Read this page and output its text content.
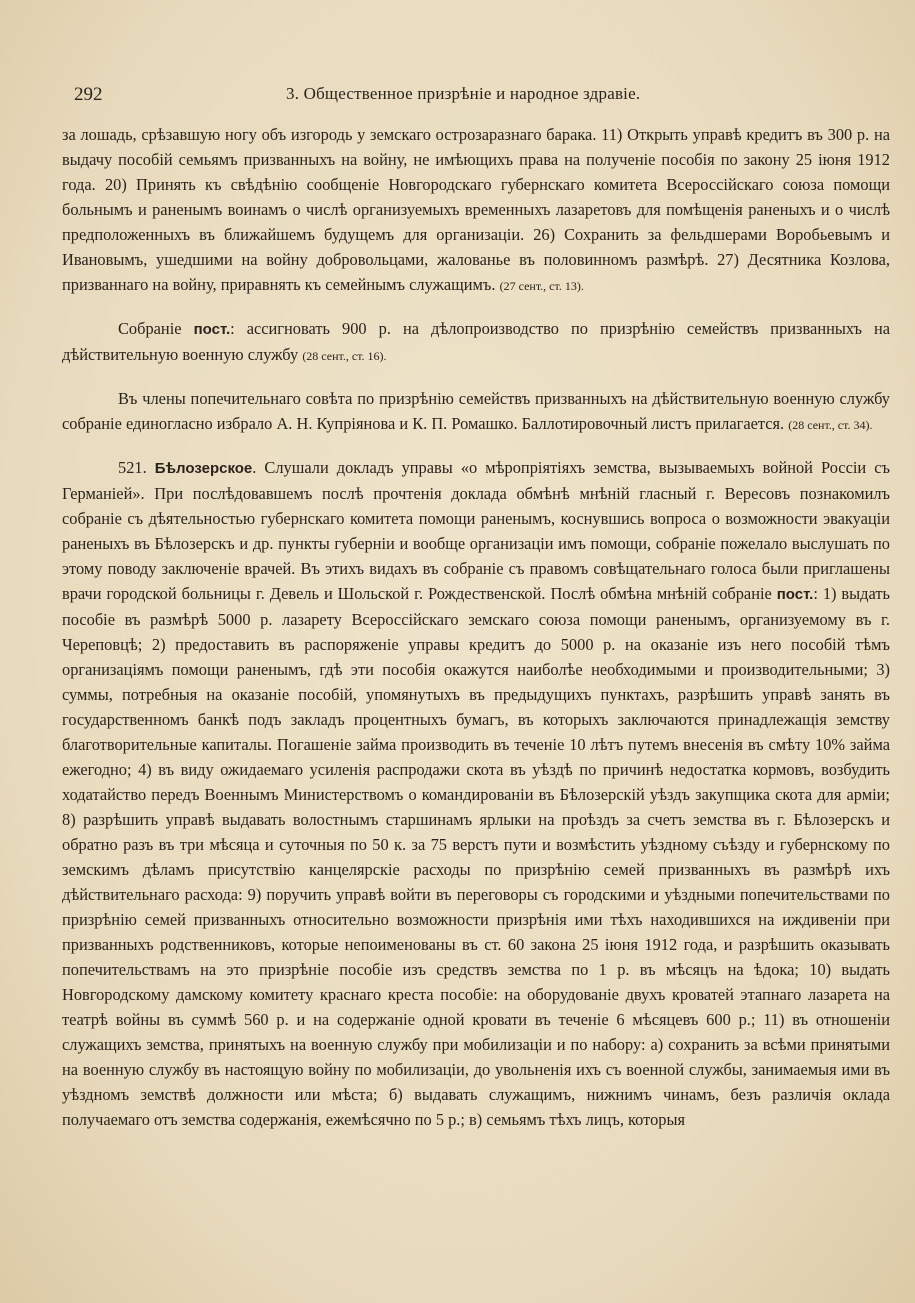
292	3. Общественное призрѣніе и народное здравіе.

за лошадь, срѣзавшую ногу объ изгородь у земскаго острозаразнаго барака. 11) Открыть управѣ кредитъ въ 300 р. на выдачу пособій семьямъ призванныхъ на войну, не имѣющихъ права на полученіе пособія по закону 25 іюня 1912 года. 20) Принять къ свѣдѣнію сообщеніе Новгородскаго губернскаго комитета Всероссійскаго союза помощи больнымъ и раненымъ воинамъ о числѣ организуемыхъ временныхъ лазаретовъ для помѣщенія раненыхъ и о числѣ предположенныхъ въ ближайшемъ будущемъ для организаціи. 26) Сохранить за фельдшерами Воробьевымъ и Ивановымъ, ушедшими на войну добровольцами, жалованье въ половинномъ размѣрѣ. 27) Десятника Козлова, призваннаго на войну, приравнять къ семейнымъ служащимъ. (27 сент., ст. 13).

Собраніе пост.: ассигновать 900 р. на дѣлопроизводство по призрѣнію семействъ призванныхъ на дѣйствительную военную службу (28 сент., ст. 16).

Въ члены попечительнаго совѣта по призрѣнію семействъ призванныхъ на дѣйствительную военную службу собраніе единогласно избрало А. Н. Купріянова и К. П. Ромашко. Баллотировочный листъ прилагается. (28 сент., ст. 34).

521. Бѣлозерское. Слушали докладъ управы «о мѣропріятіяхъ земства, вызываемыхъ войной Россіи съ Германіей». При послѣдовавшемъ послѣ прочтенія доклада обмѣнѣ мнѣній гласный г. Вересовъ познакомилъ собраніе съ дѣятельностью губернскаго комитета помощи раненымъ, коснувшись вопроса о возможности эвакуаціи раненыхъ въ Бѣлозерскъ и др. пункты губерніи и вообще организаціи имъ помощи, собраніе пожелало выслушать по этому поводу заключеніе врачей. Въ этихъ видахъ въ собраніе съ правомъ совѣщательнаго голоса были приглашены врачи городской больницы г. Девель и Шольской г. Рождественской. Послѣ обмѣна мнѣній собраніе пост.: 1) выдать пособіе въ размѣрѣ 5000 р. лазарету Всероссійскаго земскаго союза помощи раненымъ, организуемому въ г. Череповцѣ; 2) предоставить въ распоряженіе управы кредитъ до 5000 р. на оказаніе изъ него пособій тѣмъ организаціямъ помощи раненымъ, гдѣ эти пособія окажутся наиболѣе необходимыми и производительными; 3) суммы, потребныя на оказаніе пособій, упомянутыхъ въ предыдущихъ пунктахъ, разрѣшить управѣ занять въ государственномъ банкѣ подъ закладъ процентныхъ бумагъ, въ которыхъ заключаются принадлежащія земству благотворительные капиталы. Погашеніе займа производить въ теченіе 10 лѣтъ путемъ внесенія въ смѣту 10% займа ежегодно; 4) въ виду ожидаемаго усиленія распродажи скота въ уѣздѣ по причинѣ недостатка кормовъ, возбудить ходатайство передъ Военнымъ Министерствомъ о командированіи въ Бѣлозерскій уѣздъ закупщика скота для арміи; 8) разрѣшить управѣ выдавать волостнымъ старшинамъ ярлыки на проѣздъ за счетъ земства въ г. Бѣлозерскъ и обратно разъ въ три мѣсяца и суточныя по 50 к. за 75 верстъ пути и возмѣстить уѣздному съѣзду и губернскому по земскимъ дѣламъ присутствію канцелярскіе расходы по призрѣнію семей призванныхъ въ размѣрѣ ихъ дѣйствительнаго расхода: 9) поручить управѣ войти въ переговоры съ городскими и уѣздными попечительствами по призрѣнію семей призванныхъ относительно возможности призрѣнія ими тѣхъ находившихся на иждивеніи при призванныхъ родственниковъ, которые непоименованы въ ст. 60 закона 25 іюня 1912 года, и разрѣшить оказывать попечительствамъ на это призрѣніе пособіе изъ средствъ земства по 1 р. въ мѣсяцъ на ѣдока; 10) выдать Новгородскому дамскому комитету краснаго креста пособіе: на оборудованіе двухъ кроватей этапнаго лазарета на театрѣ войны въ суммѣ 560 р. и на содержаніе одной кровати въ теченіе 6 мѣсяцевъ 600 р.; 11) въ отношеніи служащихъ земства, принятыхъ на военную службу при мобилизаціи и по набору: а) сохранить за всѣми принятыми на военную службу въ настоящую войну по мобилизаціи, до увольненія ихъ съ военной службы, занимаемыя ими въ уѣздномъ земствѣ должности или мѣста; б) выдавать служащимъ, нижнимъ чинамъ, безъ различія оклада получаемаго отъ земства содержанія, ежемѣсячно по 5 р.; в) семьямъ тѣхъ лицъ, которыя
